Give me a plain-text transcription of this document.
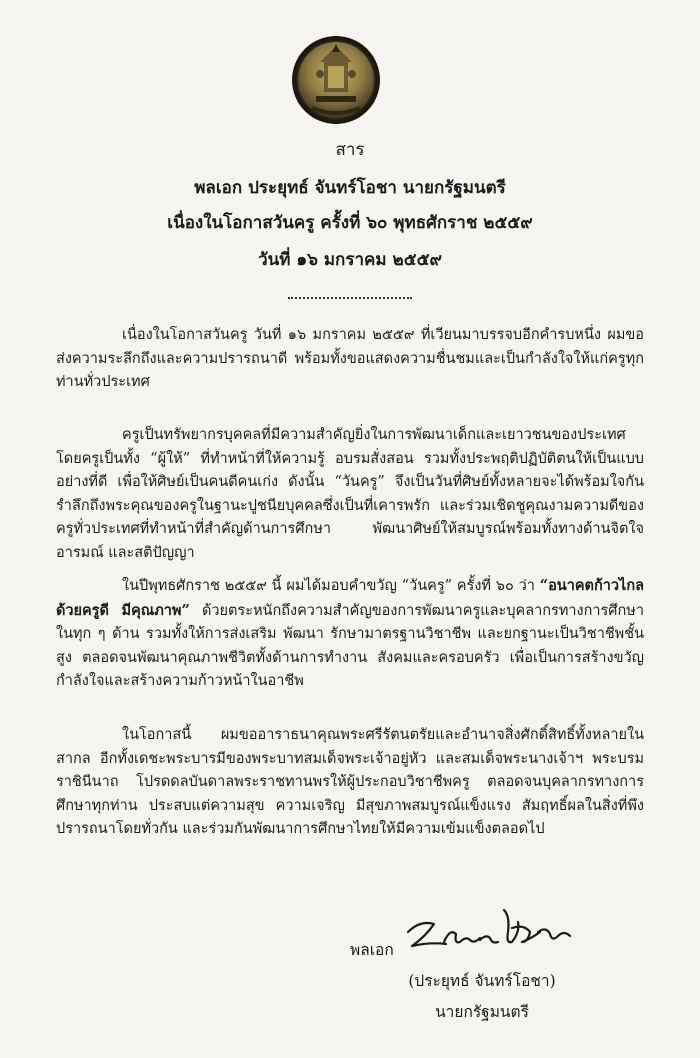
สาร
พลเอก ประยุทธ์ จันทร์โอชา นายกรัฐมนตรี
เนื่องในโอกาสวันครู ครั้งที่ ๖๐ พุทธศักราช ๒๕๕๙
วันที่ ๑๖ มกราคม ๒๕๕๙

เนื่องในโอกาสวันครู วันที่ ๑๖ มกราคม ๒๕๕๙ ที่เวียนมาบรรจบอีกคำรบหนึ่ง ผมขอส่งความระลึกถึงและความปรารถนาดี พร้อมทั้งขอแสดงความชื่นชมและเป็นกำลังใจให้แก่ครูทุกท่านทั่วประเทศ

ครูเป็นทรัพยากรบุคคลที่มีความสำคัญยิ่งในการพัฒนาเด็กและเยาวชนของประเทศ โดยครูเป็นทั้ง “ผู้ให้” ที่ทำหน้าที่ให้ความรู้ อบรมสั่งสอน รวมทั้งประพฤติปฏิบัติตนให้เป็นแบบอย่างที่ดี เพื่อให้ศิษย์เป็นคนดีคนเก่ง ดังนั้น “วันครู” จึงเป็นวันที่ศิษย์ทั้งหลายจะได้พร้อมใจกันรำลึกถึงพระคุณของครูในฐานะปูชนียบุคคลซึ่งเป็นที่เคารพรัก และร่วมเชิดชูคุณงามความดีของครูทั่วประเทศที่ทำหน้าที่สำคัญด้านการศึกษา พัฒนาศิษย์ให้สมบูรณ์พร้อมทั้งทางด้านจิตใจ อารมณ์ และสติปัญญา

ในปีพุทธศักราช ๒๕๕๙ นี้ ผมได้มอบคำขวัญ “วันครู” ครั้งที่ ๖๐ ว่า “อนาคตก้าวไกล ด้วยครูดี มีคุณภาพ” ด้วยตระหนักถึงความสำคัญของการพัฒนาครูและบุคลากรทางการศึกษาในทุก ๆ ด้าน รวมทั้งให้การส่งเสริม พัฒนา รักษามาตรฐานวิชาชีพ และยกฐานะเป็นวิชาชีพชั้นสูง ตลอดจนพัฒนาคุณภาพชีวิตทั้งด้านการทำงาน สังคมและครอบครัว เพื่อเป็นการสร้างขวัญกำลังใจและสร้างความก้าวหน้าในอาชีพ

ในโอกาสนี้ ผมขออาราธนาคุณพระศรีรัตนตรัยและอำนาจสิ่งศักดิ์สิทธิ์ทั้งหลายในสากล อีกทั้งเดชะพระบารมีของพระบาทสมเด็จพระเจ้าอยู่หัว และสมเด็จพระนางเจ้าฯ พระบรมราชินีนาถ โปรดดลบันดาลพระราชทานพรให้ผู้ประกอบวิชาชีพครู ตลอดจนบุคลากรทางการศึกษาทุกท่าน ประสบแต่ความสุข ความเจริญ มีสุขภาพสมบูรณ์แข็งแรง สัมฤทธิ์ผลในสิ่งที่พึงปรารถนาโดยทั่วกัน และร่วมกันพัฒนาการศึกษาไทยให้มีความเข้มแข็งตลอดไป

พลเอก
(ประยุทธ์ จันทร์โอชา)
นายกรัฐมนตรี
